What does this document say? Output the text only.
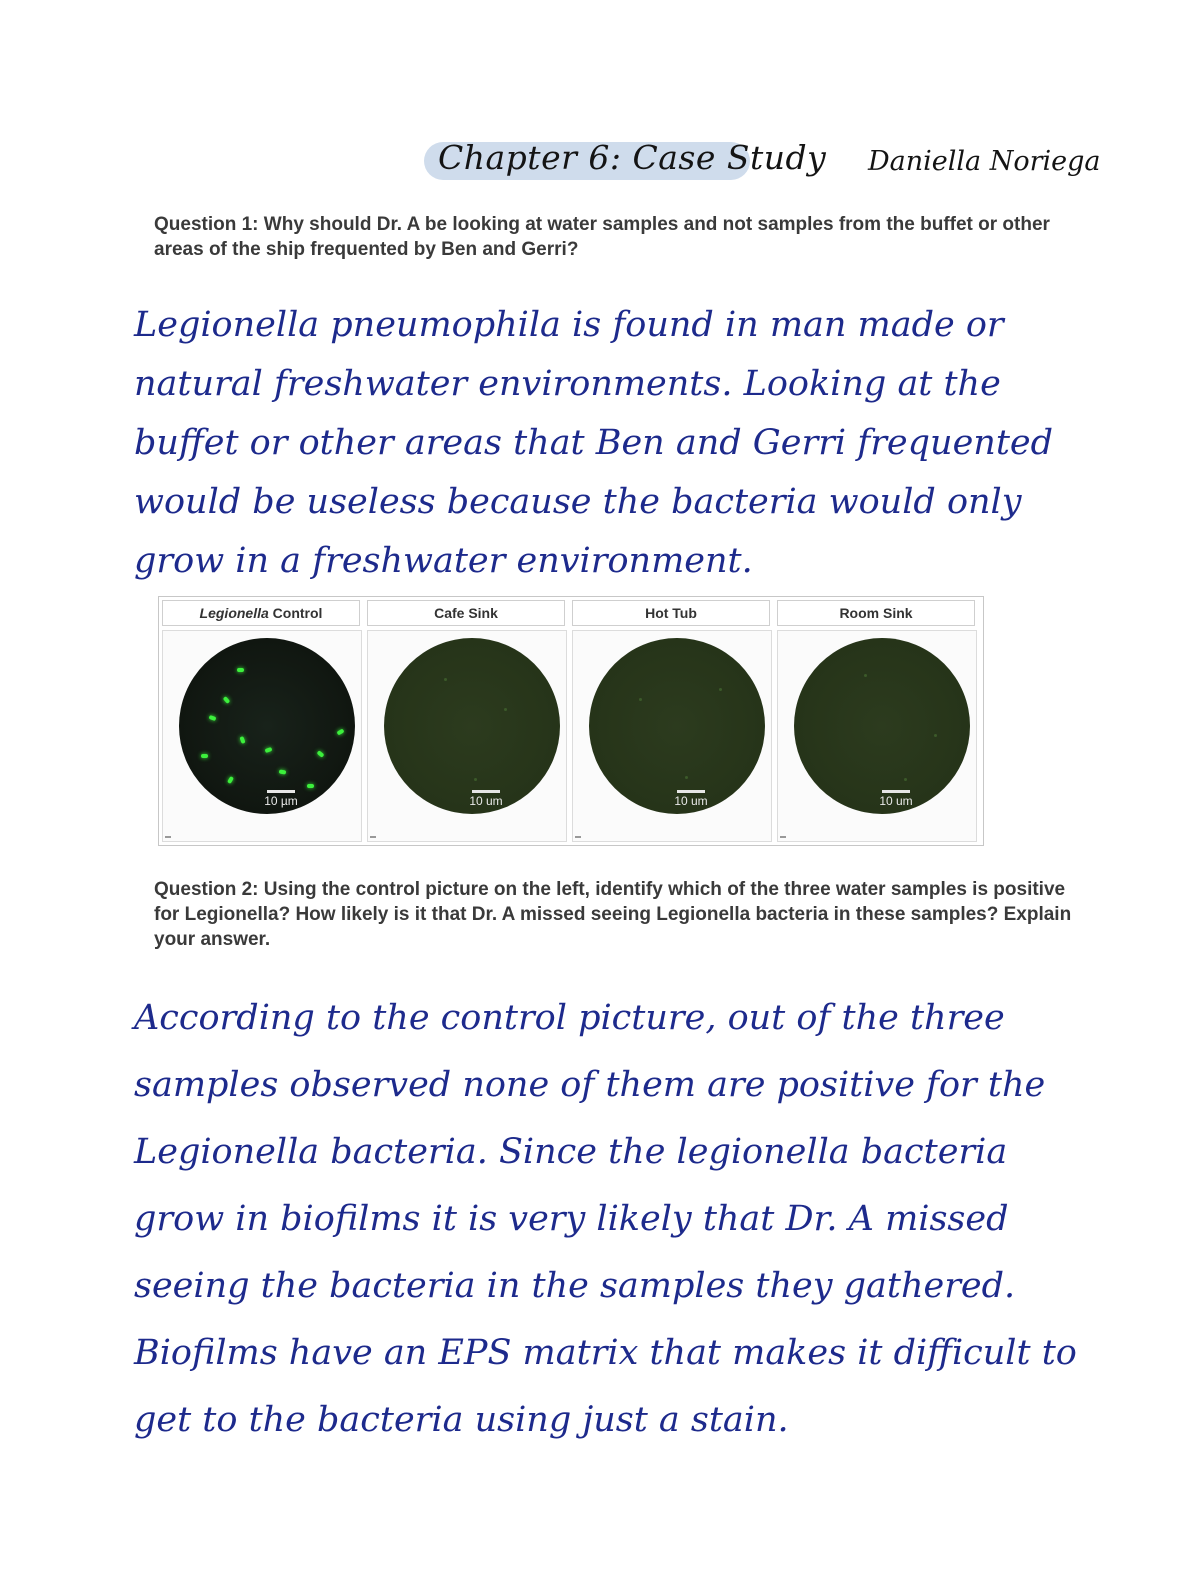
Chapter 6: Case Study Daniella Noriega

Question 1: Why should Dr. A be looking at water samples and not samples from the buffet or other areas of the ship frequented by Ben and Gerri?

Legionella pneumophila is found in man made or natural freshwater environments. Looking at the buffet or other areas that Ben and Gerri frequented would be useless because the bacteria would only grow in a freshwater environment.

Legionella Control
10 µm
Cafe Sink
10 um
Hot Tub
10 um
Room Sink
10 um

Question 2: Using the control picture on the left, identify which of the three water samples is positive for Legionella? How likely is it that Dr. A missed seeing Legionella bacteria in these samples? Explain your answer.

According to the control picture, out of the three samples observed none of them are positive for the Legionella bacteria. Since the legionella bacteria grow in biofilms it is very likely that Dr. A missed seeing the bacteria in the samples they gathered. Biofilms have an EPS matrix that makes it difficult to get to the bacteria using just a stain.
